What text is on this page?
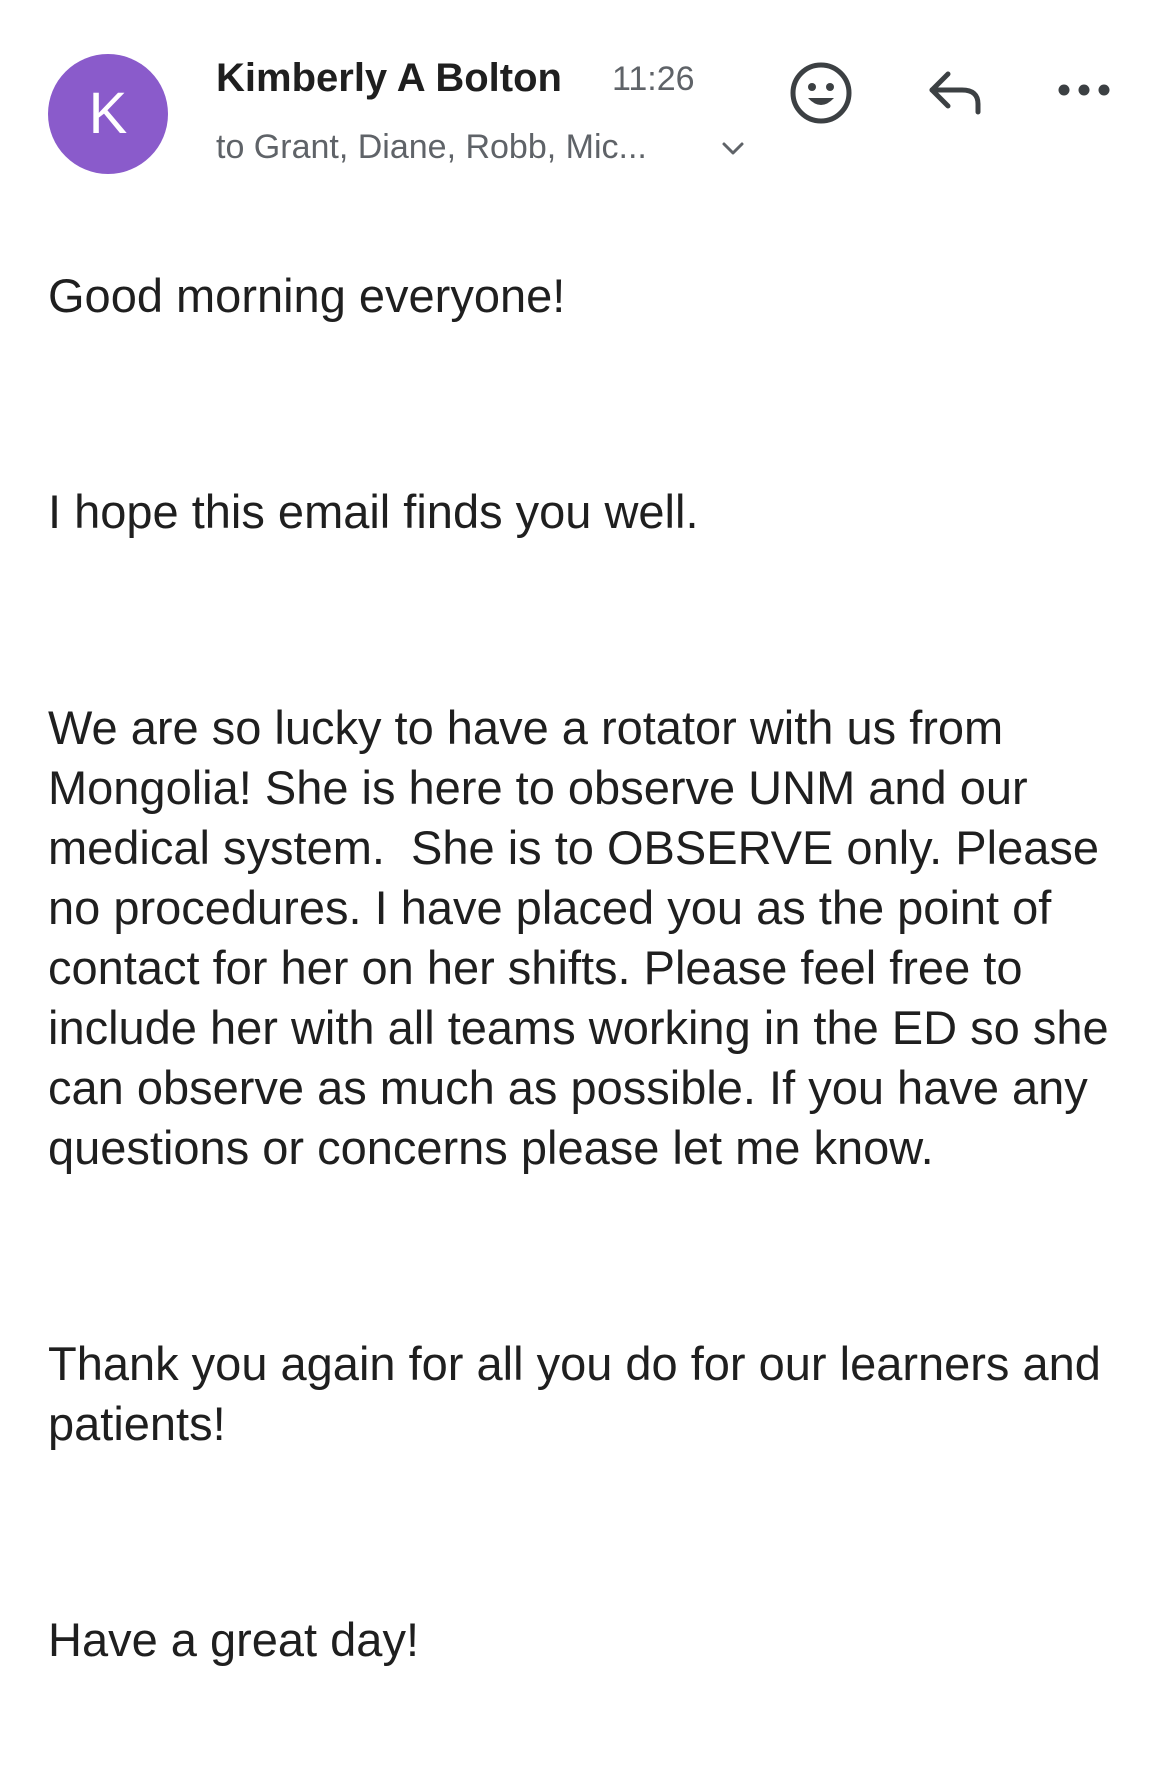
K
Kimberly A Bolton 11:26
to Grant, Diane, Robb, Mic...

Good morning everyone!

I hope this email finds you well.

We are so lucky to have a rotator with us from Mongolia! She is here to observe UNM and our medical system.  She is to OBSERVE only. Please no procedures. I have placed you as the point of contact for her on her shifts. Please feel free to include her with all teams working in the ED so she can observe as much as possible. If you have any questions or concerns please let me know.

Thank you again for all you do for our learners and patients!

Have a great day!
